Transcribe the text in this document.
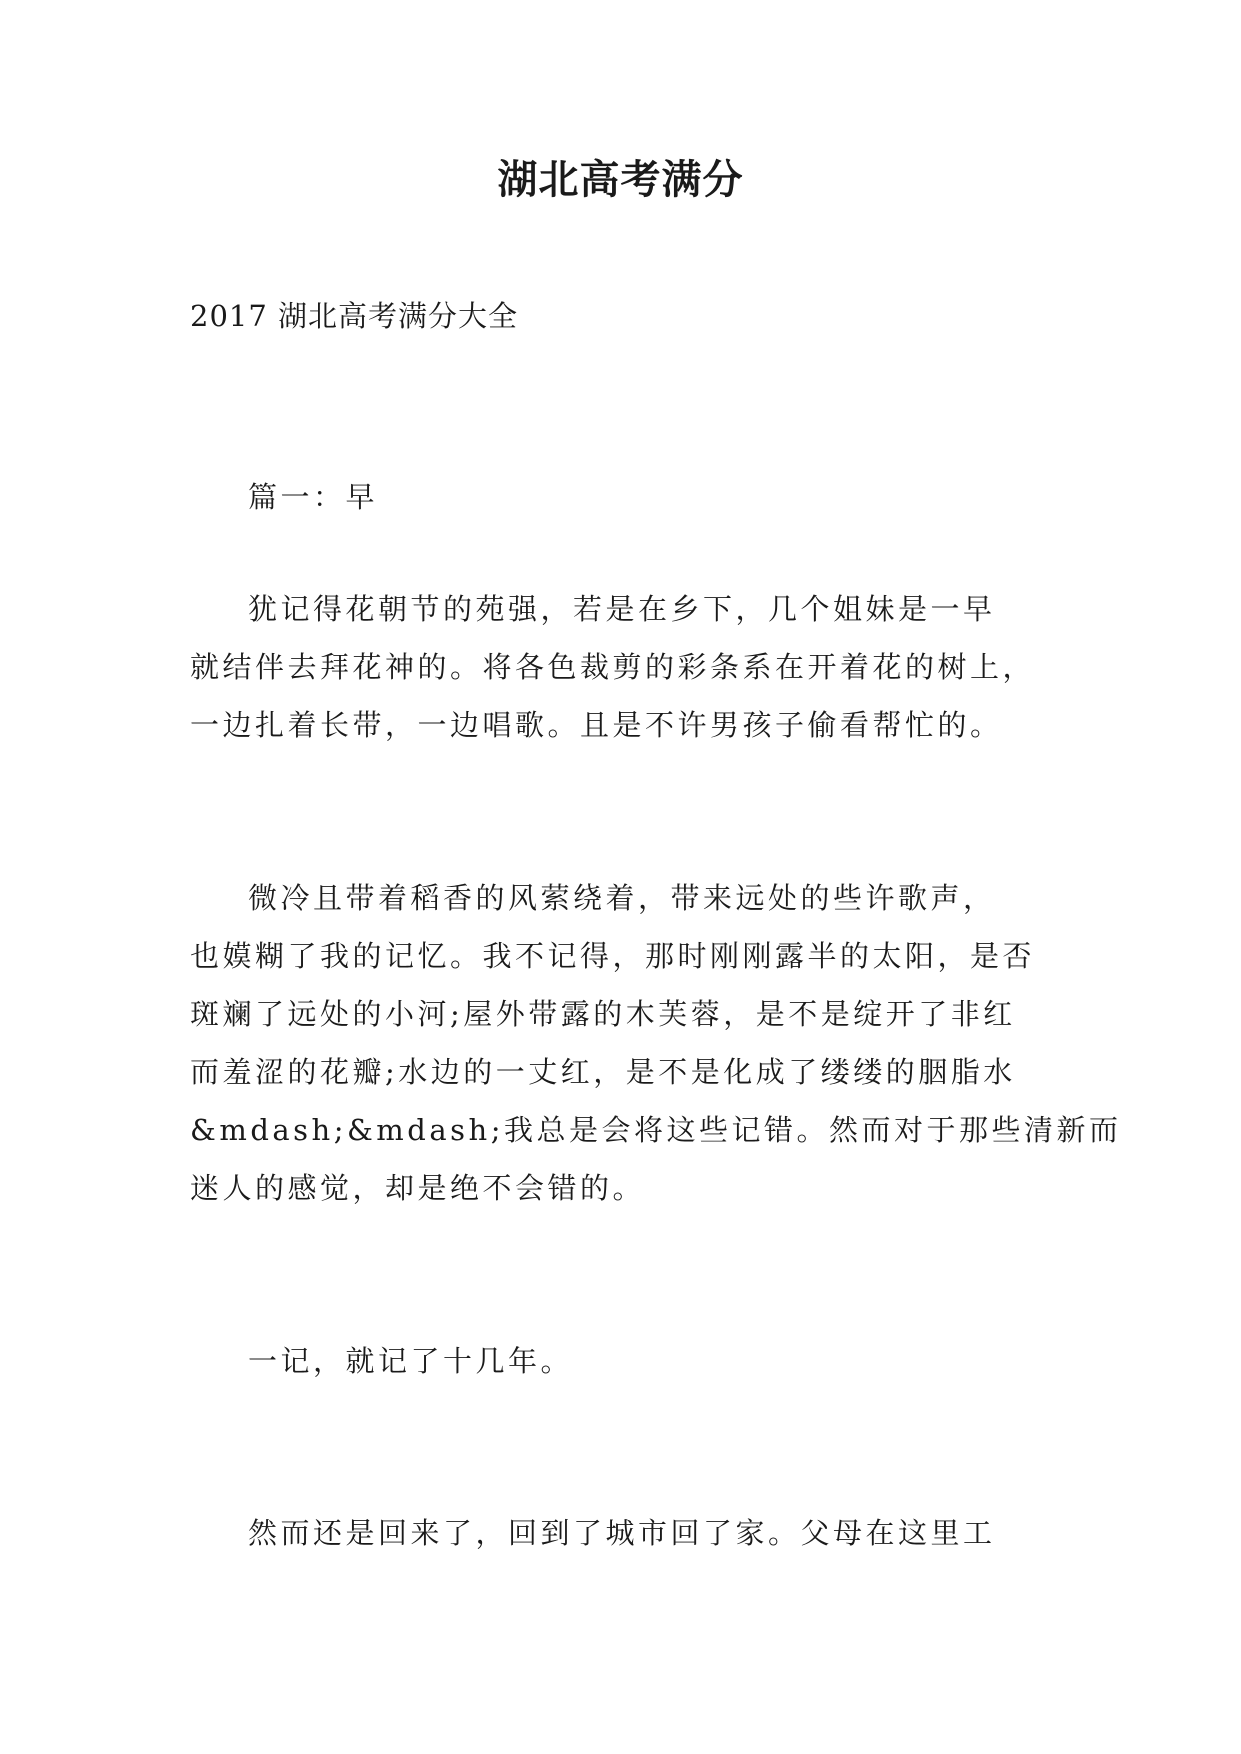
湖北高考满分

2017 湖北高考满分大全

篇一：早

犹记得花朝节的苑强，若是在乡下，几个姐妹是一早
就结伴去拜花神的。将各色裁剪的彩条系在开着花的树上，
一边扎着长带，一边唱歌。且是不许男孩子偷看帮忙的。

微冷且带着稻香的风萦绕着，带来远处的些许歌声，
也嫫糊了我的记忆。我不记得，那时刚刚露半的太阳，是否
斑斓了远处的小河;屋外带露的木芙蓉，是不是绽开了非红
而羞涩的花瓣;水边的一丈红，是不是化成了缕缕的胭脂水
&mdash;&mdash;我总是会将这些记错。然而对于那些清新而
迷人的感觉，却是绝不会错的。

一记，就记了十几年。

然而还是回来了，回到了城市回了家。父母在这里工
